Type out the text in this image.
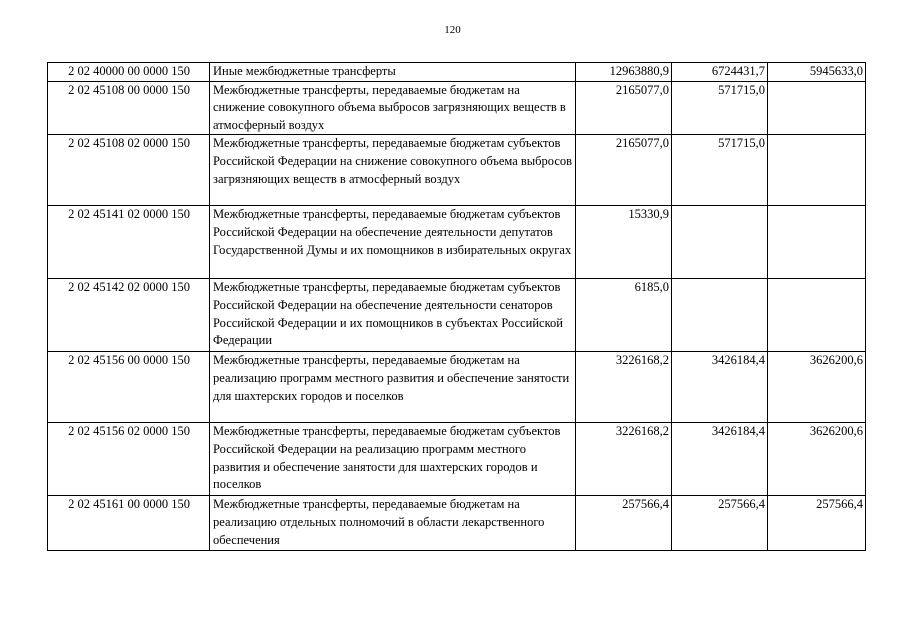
120
2 02 40000 00 0000 150	Иные межбюджетные трансферты	12963880,9	6724431,7	5945633,0
2 02 45108 00 0000 150	Межбюджетные трансферты, передаваемые бюджетам на снижение совокупного объема выбросов загрязняющих веществ в атмосферный воздух	2165077,0	571715,0	
2 02 45108 02 0000 150	Межбюджетные трансферты, передаваемые бюджетам субъектов Российской Федерации на снижение совокупного объема выбросов загрязняющих веществ в атмосферный воздух	2165077,0	571715,0	
2 02 45141 02 0000 150	Межбюджетные трансферты, передаваемые бюджетам субъектов Российской Федерации на обеспечение деятельности депутатов Государственной Думы и их помощников в избирательных округах	15330,9		
2 02 45142 02 0000 150	Межбюджетные трансферты, передаваемые бюджетам субъектов Российской Федерации на обеспечение деятельности сенаторов Российской Федерации и их помощников в субъектах Российской Федерации	6185,0		
2 02 45156 00 0000 150	Межбюджетные трансферты, передаваемые бюджетам на реализацию программ местного развития и обеспечение занятости для шахтерских городов и поселков	3226168,2	3426184,4	3626200,6
2 02 45156 02 0000 150	Межбюджетные трансферты, передаваемые бюджетам субъектов Российской Федерации на реализацию программ местного развития и обеспечение занятости для шахтерских городов и поселков	3226168,2	3426184,4	3626200,6
2 02 45161 00 0000 150	Межбюджетные трансферты, передаваемые бюджетам на реализацию отдельных полномочий в области лекарственного обеспечения	257566,4	257566,4	257566,4
